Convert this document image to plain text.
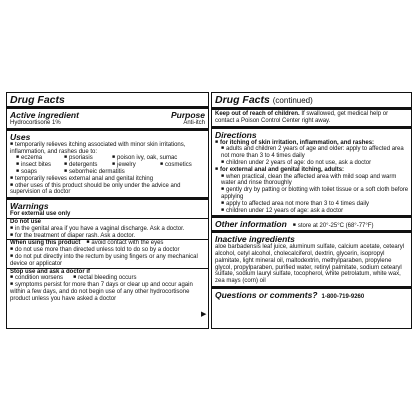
Drug Facts
Active ingredient	Purpose
Hydrocortisone 1%	Anti-itch
Uses
■ temporarily relieves itching associated with minor skin irritations, inflammation, and rashes due to:
■ eczema	■ psoriasis	■ poison ivy, oak, sumac
■ insect bites	■ detergents	■ jewelry	■ cosmetics
■ soaps	■ seborrheic dermatitis
■ temporarily relieves external anal and genital itching
■ other uses of this product should be only under the advice and supervision of a doctor
Warnings
For external use only
Do not use
■ in the genital area if you have a vaginal discharge. Ask a doctor.
■ for the treatment of diaper rash. Ask a doctor.
When using this product	■ avoid contact with the eyes
■ do not use more than directed unless told to do so by a doctor
■ do not put directly into the rectum by using fingers or any mechanical device or applicator
Stop use and ask a doctor if
■ condition worsens	■ rectal bleeding occurs
■ symptoms persist for more than 7 days or clear up and occur again within a few days, and do not begin use of any other hydrocortisone product unless you have asked a doctor
▶
Drug Facts (continued)
Keep out of reach of children. If swallowed, get medical help or contact a Poison Control Center right away.
Directions
■ for itching of skin irritation, inflammation, and rashes:
■ adults and children 2 years of age and older: apply to affected area not more than 3 to 4 times daily
■ children under 2 years of age: do not use, ask a doctor
■ for external anal and genital itching, adults:
■ when practical, clean the affected area with mild soap and warm water and rinse thoroughly
■ gently dry by patting or blotting with toilet tissue or a soft cloth before applying
■ apply to affected area not more than 3 to 4 times daily
■ children under 12 years of age: ask a doctor
Other information	■ store at 20°-25°C (68°-77°F)
Inactive ingredients
aloe barbadensis leaf juice, aluminum sulfate, calcium acetate, cetearyl alcohol, cetyl alcohol, cholecalciferol, dextrin, glycerin, isopropyl palmitate, light mineral oil, maltodextrin, methylparaben, propylene glycol, propylparaben, purified water, retinyl palmitate, sodium cetearyl sulfate, sodium lauryl sulfate, tocopherol, white petrolatum, white wax, zea mays (corn) oil
Questions or comments? 1-800-719-9260
